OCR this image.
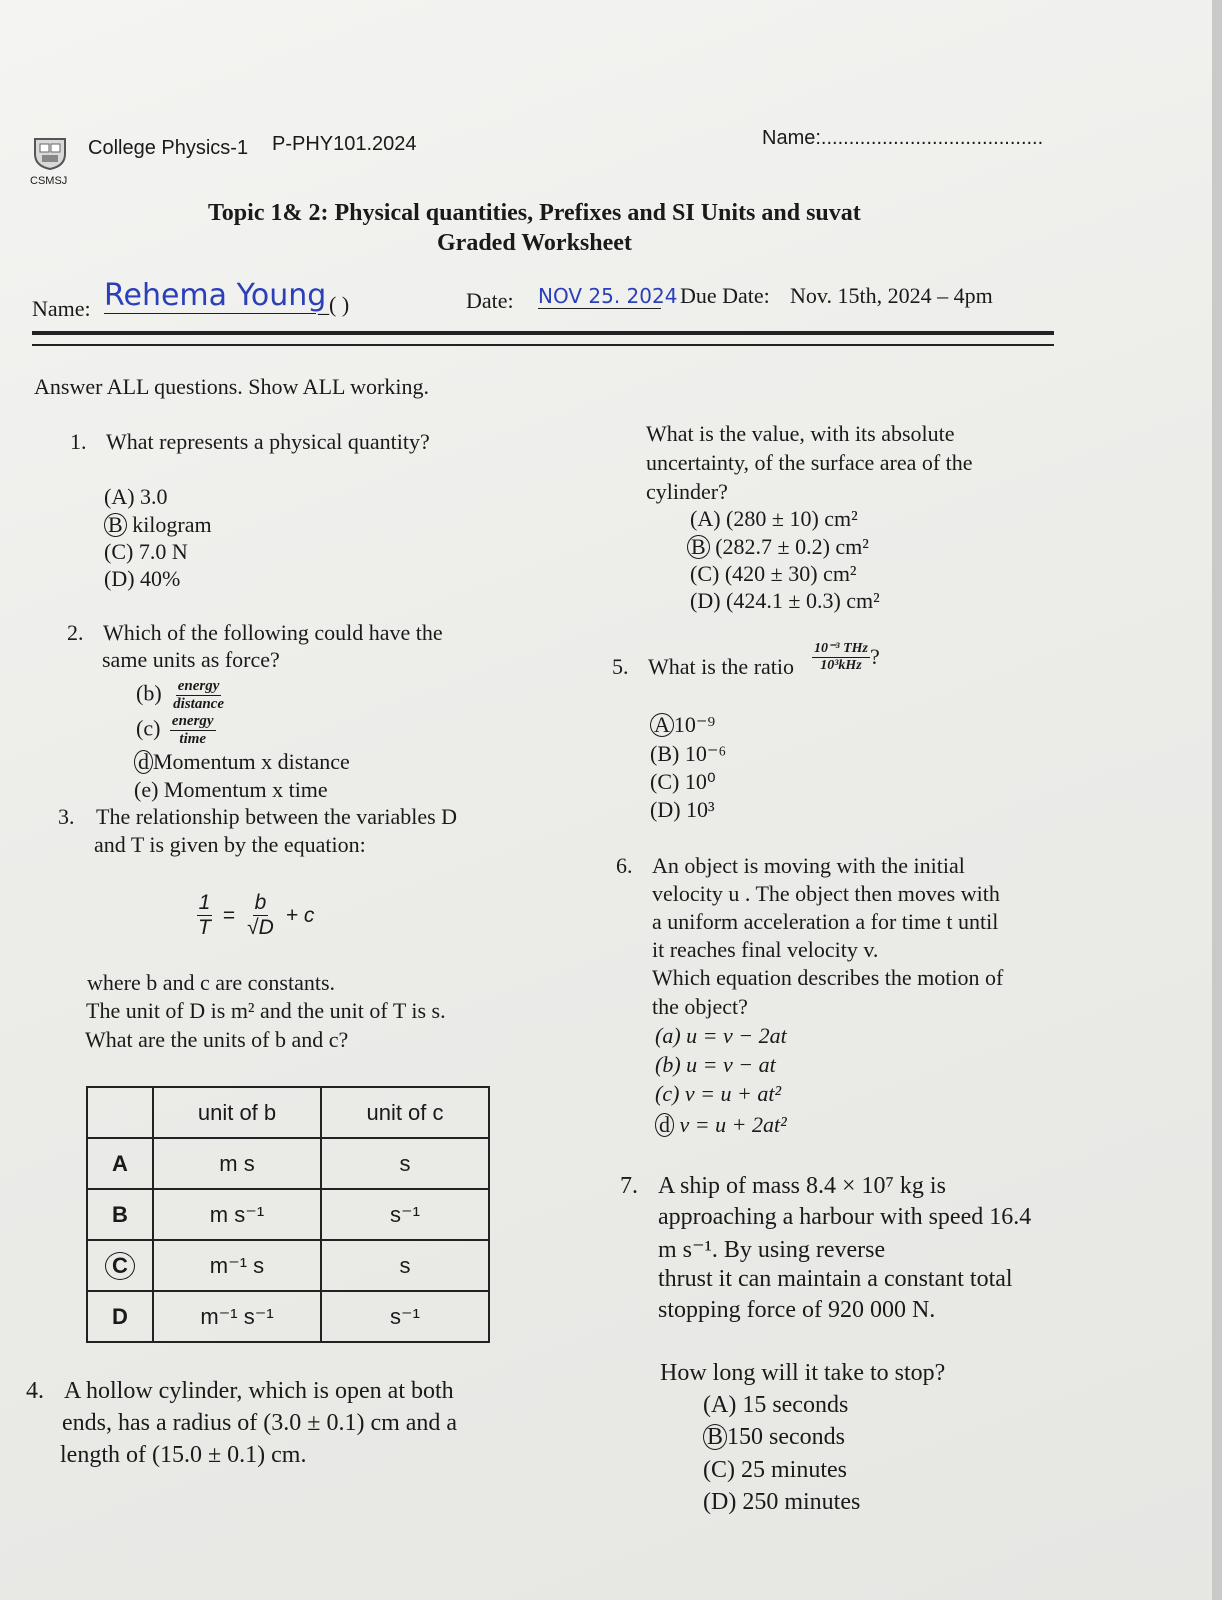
CSMSJ
College Physics-1 P-PHY101.2024	Name:........................................
Topic 1& 2: Physical quantities, Prefixes and SI Units and suvat
Graded Worksheet
Name: Rehema Young
_( )	Date: NOV 25. 2024 Due Date: Nov. 15th, 2024 – 4pm
Answer ALL questions. Show ALL working.
1. What represents a physical quantity?
(A) 3.0
B kilogram
(C) 7.0 N
(D) 40%
2. Which of the following could have the
same units as force?
$(b) \frac{\text{energy}}{\text{distance}}$
$(c) \frac{\text{energy}}{\text{time}}$
d Momentum x distance
(e) Momentum x time
3. The relationship between the variables D
and T is given by the equation:
$\frac{1}{T} = \frac{b}{√D} + c$
where b and c are constants.
The unit of D is m² and the unit of T is s.
What are the units of b and c?
	unit of b	unit of c
A	m s	s
B	m s⁻¹	s⁻¹
C	m⁻¹ s	s
D	m⁻¹ s⁻¹	s⁻¹
4. A hollow cylinder, which is open at both
ends, has a radius of (3.0 ± 0.1) cm and a
length of (15.0 ± 0.1) cm.
What is the value, with its absolute
uncertainty, of the surface area of the
cylinder?
(A) (280 ± 10) cm²
B (282.7 ± 0.2) cm²
(C) (420 ± 30) cm²
(D) (424.1 ± 0.3) cm²
5. What is the ratio $\frac{\text{10⁻³ THz}}{\text{10³kHz}}$ ?
A 10⁻⁹
(B) 10⁻⁶
(C) 10⁰
(D) 10³
6. An object is moving with the initial
velocity u . The object then moves with
a uniform acceleration a for time t until
it reaches final velocity v.
Which equation describes the motion of
the object?
(a) u = v − 2at
(b) u = v − at
(c) v = u + at²
d v = u + 2at²
7. A ship of mass 8.4 × 10⁷ kg is
approaching a harbour with speed 16.4
m s⁻¹. By using reverse
thrust it can maintain a constant total
stopping force of 920 000 N.
How long will it take to stop?
(A) 15 seconds
B 150 seconds
(C) 25 minutes
(D) 250 minutes
